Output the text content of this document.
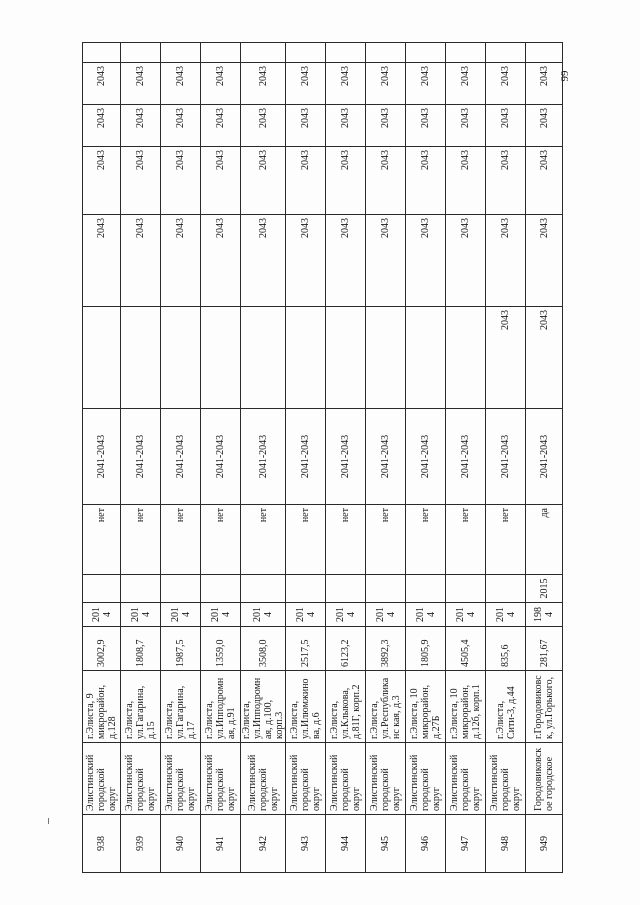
99
938	Элистинский городской округ	г.Элиста, 9 микрорайон, д.128	3002,9	2014		нет	2041-2043		2043	2043	2043	2043	
939	Элистинский городской округ	г.Элиста, ул.Гагарина, д.15	1808,7	2014		нет	2041-2043		2043	2043	2043	2043	
940	Элистинский городской округ	г.Элиста, ул.Гагарина, д.17	1987,5	2014		нет	2041-2043		2043	2043	2043	2043	
941	Элистинский городской округ	г.Элиста, ул.Ипподромная, д.91	1359,0	2014		нет	2041-2043		2043	2043	2043	2043	
942	Элистинский городской округ	г.Элиста, ул.Ипподромная, д.100, корп.3	3508,0	2014		нет	2041-2043		2043	2043	2043	2043	
943	Элистинский городской округ	г.Элиста, ул.Илюмжинова, д.6	2517,5	2014		нет	2041-2043		2043	2043	2043	2043	
944	Элистинский городской округ	г.Элиста, ул.Клыкова, д.81Г, корп.2	6123,2	2014		нет	2041-2043		2043	2043	2043	2043	
945	Элистинский городской округ	г.Элиста, ул.Республиканс кая, д.3	3892,3	2014		нет	2041-2043		2043	2043	2043	2043	
946	Элистинский городской округ	г.Элиста, 10 микрорайон, д.27Б	1805,9	2014		нет	2041-2043		2043	2043	2043	2043	
947	Элистинский городской округ	г.Элиста, 10 микрорайон, д.12б, корп.1	4505,4	2014		нет	2041-2043		2043	2043	2043	2043	
948	Элистинский городской округ	г.Элиста, Сити-3, д.44	835,6	2014		нет	2041-2043	2043	2043	2043	2043	2043	
949	Городовиковское городское	г.Городовиковск, ул.Горького,	281,67	1984	2015	да	2041-2043	2043	2043	2043	2043	2043	
